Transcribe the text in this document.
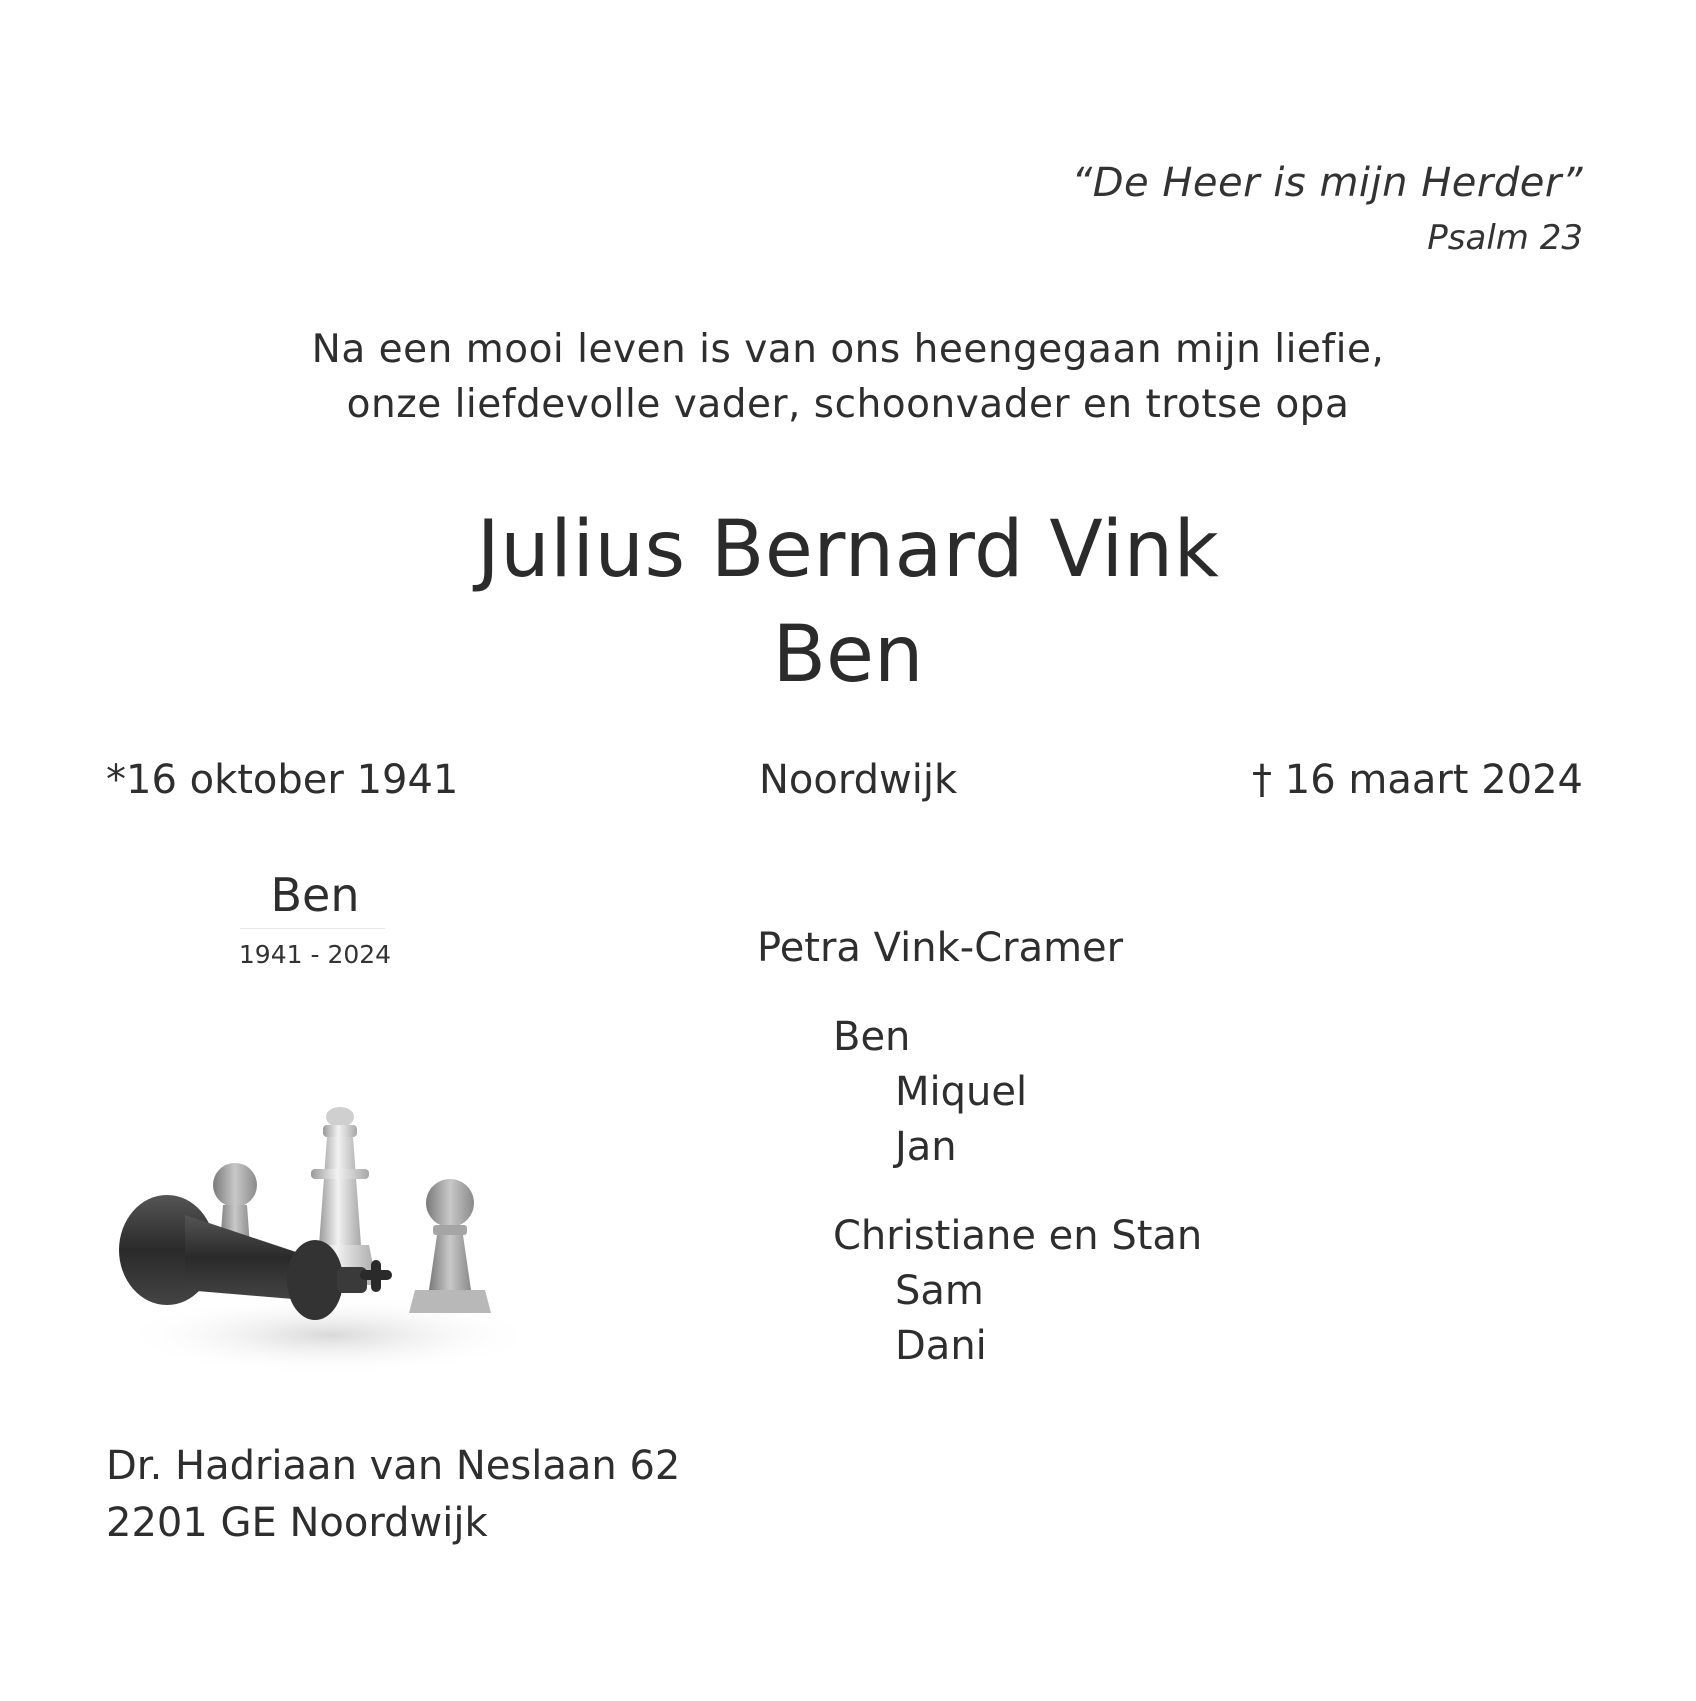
“De Heer is mijn Herder”

Psalm 23

Na een mooi leven is van ons heengegaan mijn liefie,
onze liefdevolle vader, schoonvader en trotse opa
Julius Bernard Vink
Ben

*16 oktober 1941	Noordwijk	† 16 maart 2024

Ben

1941 - 2024	Petra Vink-Cramer

Ben

Miquel

Jan

Christiane en Stan

Sam

Dani

Dr. Hadriaan van Neslaan 62
2201 GE Noordwijk
